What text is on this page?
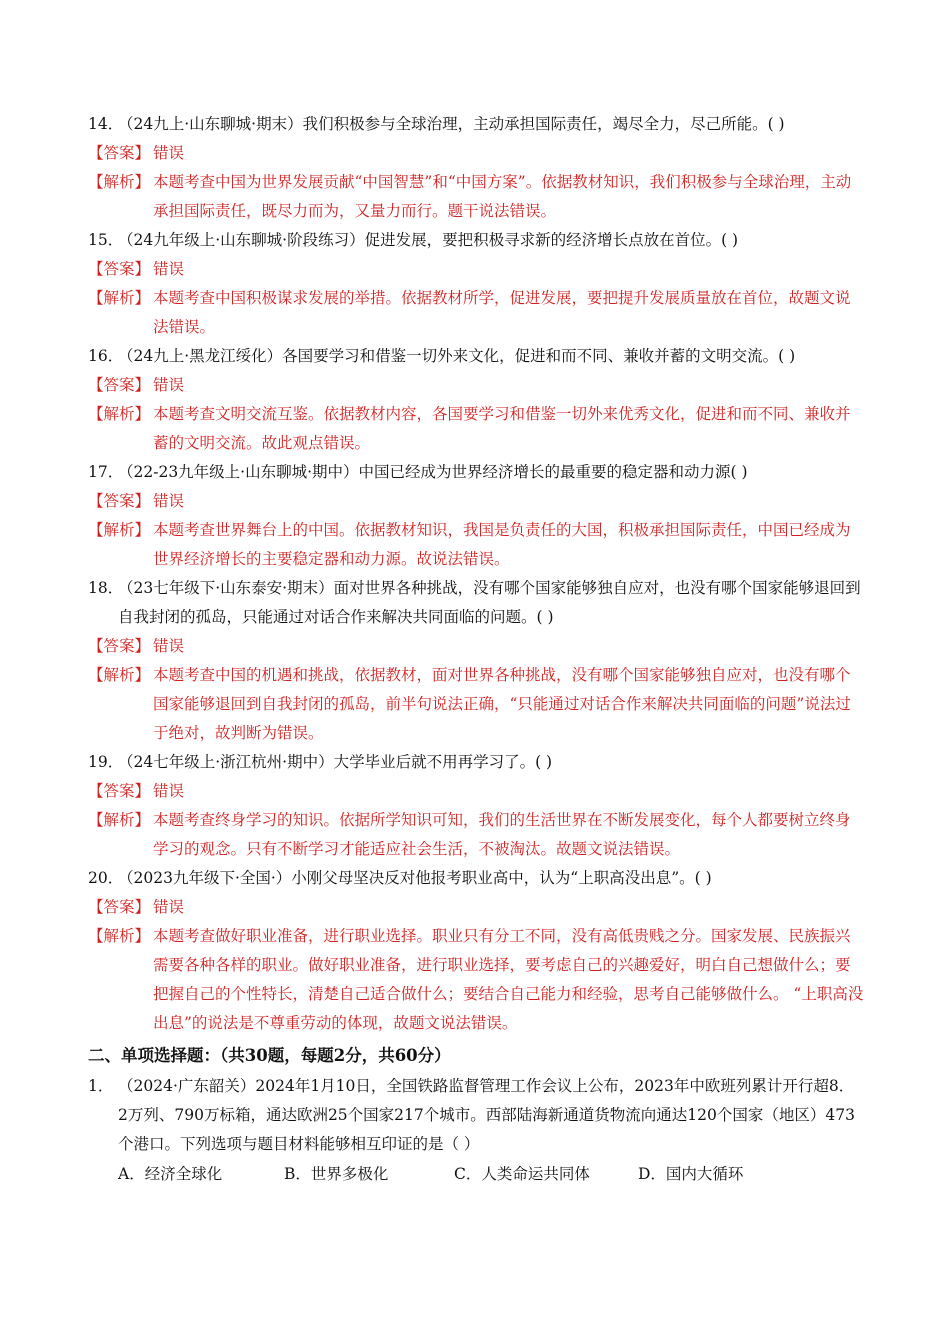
14．（24九上·山东聊城·期末）我们积极参与全球治理，主动承担国际责任，竭尽全力，尽己所能。( )
【答案】 错误
【解析】 本题考查中国为世界发展贡献“中国智慧”和“中国方案”。依据教材知识，我们积极参与全球治理，主动承担国际责任，既尽力而为，又量力而行。题干说法错误。
15．（24九年级上·山东聊城·阶段练习）促进发展，要把积极寻求新的经济增长点放在首位。( )
【答案】 错误
【解析】 本题考查中国积极谋求发展的举措。依据教材所学，促进发展，要把提升发展质量放在首位，故题文说法错误。
16．（24九上·黑龙江绥化）各国要学习和借鉴一切外来文化，促进和而不同、兼收并蓄的文明交流。( )
【答案】 错误
【解析】 本题考查文明交流互鉴。依据教材内容，各国要学习和借鉴一切外来优秀文化，促进和而不同、兼收并蓄的文明交流。故此观点错误。
17．（22-23九年级上·山东聊城·期中）中国已经成为世界经济增长的最重要的稳定器和动力源( )
【答案】 错误
【解析】 本题考查世界舞台上的中国。依据教材知识，我国是负责任的大国，积极承担国际责任，中国已经成为世界经济增长的主要稳定器和动力源。故说法错误。
18．（23七年级下·山东泰安·期末）面对世界各种挑战，没有哪个国家能够独自应对，也没有哪个国家能够退回到自我封闭的孤岛，只能通过对话合作来解决共同面临的问题。( )
【答案】 错误
【解析】 本题考查中国的机遇和挑战，依据教材，面对世界各种挑战，没有哪个国家能够独自应对，也没有哪个国家能够退回到自我封闭的孤岛，前半句说法正确，“只能通过对话合作来解决共同面临的问题”说法过于绝对，故判断为错误。
19．（24七年级上·浙江杭州·期中）大学毕业后就不用再学习了。( )
【答案】 错误
【解析】 本题考查终身学习的知识。依据所学知识可知，我们的生活世界在不断发展变化，每个人都要树立终身学习的观念。只有不断学习才能适应社会生活，不被淘汰。故题文说法错误。
20．（2023九年级下·全国·）小刚父母坚决反对他报考职业高中，认为“上职高没出息”。( )
【答案】 错误
【解析】 本题考查做好职业准备，进行职业选择。职业只有分工不同，没有高低贵贱之分。国家发展、民族振兴需要各种各样的职业。做好职业准备，进行职业选择，要考虑自己的兴趣爱好，明白自己想做什么；要把握自己的个性特长，清楚自己适合做什么；要结合自己能力和经验，思考自己能够做什么。 “上职高没出息”的说法是不尊重劳动的体现，故题文说法错误。
二、单项选择题：（共30题，每题2分，共60分）
1． （2024·广东韶关）2024年1月10日，全国铁路监督管理工作会议上公布，2023年中欧班列累计开行超8．2万列、790万标箱，通达欧洲25个国家217个城市。西部陆海新通道货物流向通达120个国家（地区）473个港口。下列选项与题目材料能够相互印证的是（ ）
A．经济全球化	B．世界多极化	C．人类命运共同体	D．国内大循环
